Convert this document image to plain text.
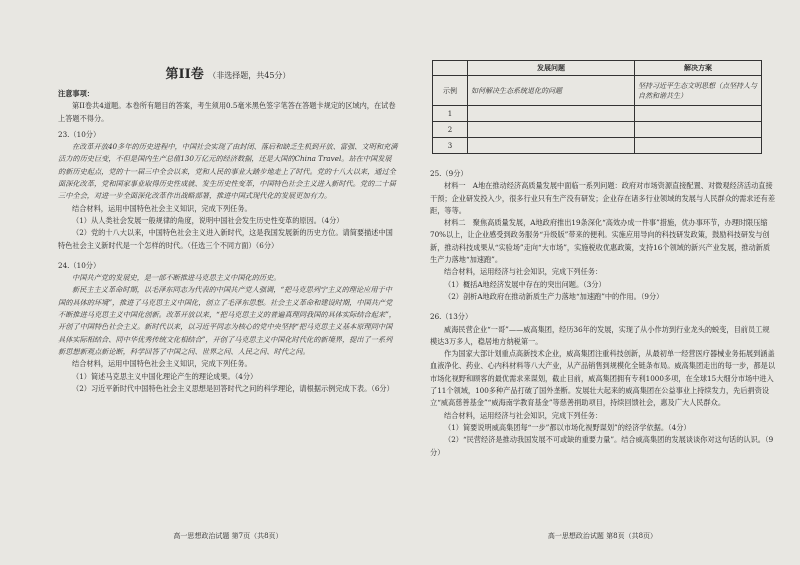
第II卷 （非选择题，共45分）

注意事项：

第II卷共4道题。本卷所有题目的答案，考生须用0.5毫米黑色签字笔答在答题卡规定的区域内，在试卷上答题不得分。

23.（10分）

在改革开放40多年的历史进程中，中国社会实现了由封闭、落后和缺乏生机到开放、富强、文明和充满活力的历史巨变，不但是国内生产总值130万亿元的经济数据，还是大国的China Travel。站在中国发展的新历史起点，党的十一届三中全会以来，党和人民的事业大踏步地走上了时代。党的十八大以来，通过全面深化改革，党和国家事业取得历史性成就、发生历史性变革，中国特色社会主义进入新时代。党的二十届三中全会，对进一步全面深化改革作出战略部署，推进中国式现代化的发展更加有力。

结合材料，运用中国特色社会主义知识，完成下列任务。

（1）从人类社会发展一般规律的角度，说明中国社会发生历史性变革的原因。（4分）

（2）党的十八大以来，中国特色社会主义进入新时代，这是我国发展新的历史方位。请简要描述中国特色社会主义新时代是一个怎样的时代。（任选三个不同方面）（6分）

24.（10分）

中国共产党的发展史，是一部不断推进马克思主义中国化的历史。

新民主主义革命时期，以毛泽东同志为代表的中国共产党人强调，“把马克思列宁主义的理论应用于中国的具体的环境”，推进了马克思主义中国化，创立了毛泽东思想。社会主义革命和建设时期，中国共产党不断推进马克思主义中国化创新。改革开放以来，“把马克思主义的普遍真理同我国的具体实际结合起来”，开创了中国特色社会主义。新时代以来，以习近平同志为核心的党中央坚持“把马克思主义基本原理同中国具体实际相结合、同中华优秀传统文化相结合”，开创了马克思主义中国化时代化的新境界，提出了一系列新思想新观点新论断，科学回答了中国之问、世界之问、人民之问、时代之问。

结合材料，运用中国特色社会主义知识，完成下列任务。

（1）简述马克思主义中国化理论产生的理论成果。（4分）

（2）习近平新时代中国特色社会主义思想是回答时代之问的科学理论，请根据示例完成下表。（6分）

高一思想政治试题 第7页（共8页）
	发展问题	解决方案
示例	如何解决生态系统退化的问题	坚持习近平生态文明思想（点坚持人与自然和谐共生）
1		
2		
3		

25.（9分）

材料一　A地在推动经济高质量发展中面临一系列问题：政府对市场资源直接配置、对微观经济活动直接干预；企业研发投入少，很多行业只有生产没有研发；企业存在诸多行业领域的发展与人民群众的需求还有差距，等等。

材料二　聚焦高质量发展，A地政府推出19条深化“高效办成一件事”措施，优办事环节，办理时限压缩70%以上，让企业感受到政务服务“升级版”带来的便利。实施应用导向的科技研发政策，鼓励科技研发与创新，推动科技成果从“实验场”走向“大市场”，实施税收优惠政策，支持16个领域的新兴产业发展，推动新质生产力落地“加速跑”。

结合材料，运用经济与社会知识，完成下列任务：

（1）概括A地经济发展中存在的突出问题。（3分）

（2）剖析A地政府在推动新质生产力落地“加速跑”中的作用。（9分）

26.（13分）

威海民营企业“一哥”——威高集团，经历36年的发展，实现了从小作坊到行业龙头的蜕变，目前员工规模达3万多人，稳居地方纳税第一。

作为国家大部计划重点高新技术企业，威高集团注重科技创新，从最初单一经营医疗器械业务拓展到涵盖血液净化、药业、心内科材料等八大产业，从产品销售到规模化全链条布局。威高集团走出的每一步，都是以市场化视野和顾客的最优需求来谋划，截止目前，威高集团拥有专利1000多项，在全球15大细分市场中进入了11个领域，100多种产品打破了国外垄断。发展壮大起来的威高集团在公益事业上持续发力，先后捐资设立“威高慈善基金”“威海南学教育基金”等慈善捐助项目，持续回馈社会，惠及广大人民群众。

结合材料，运用经济与社会知识，完成下列任务：

（1）简要说明威高集团每“一步”都以市场化视野谋划”的经济学依据。（4分）

（2）“民营经济是推动我国发展不可或缺的重要力量”。结合威高集团的发展谈谈你对这句话的认识。（9分）

高一思想政治试题 第8页（共8页）
